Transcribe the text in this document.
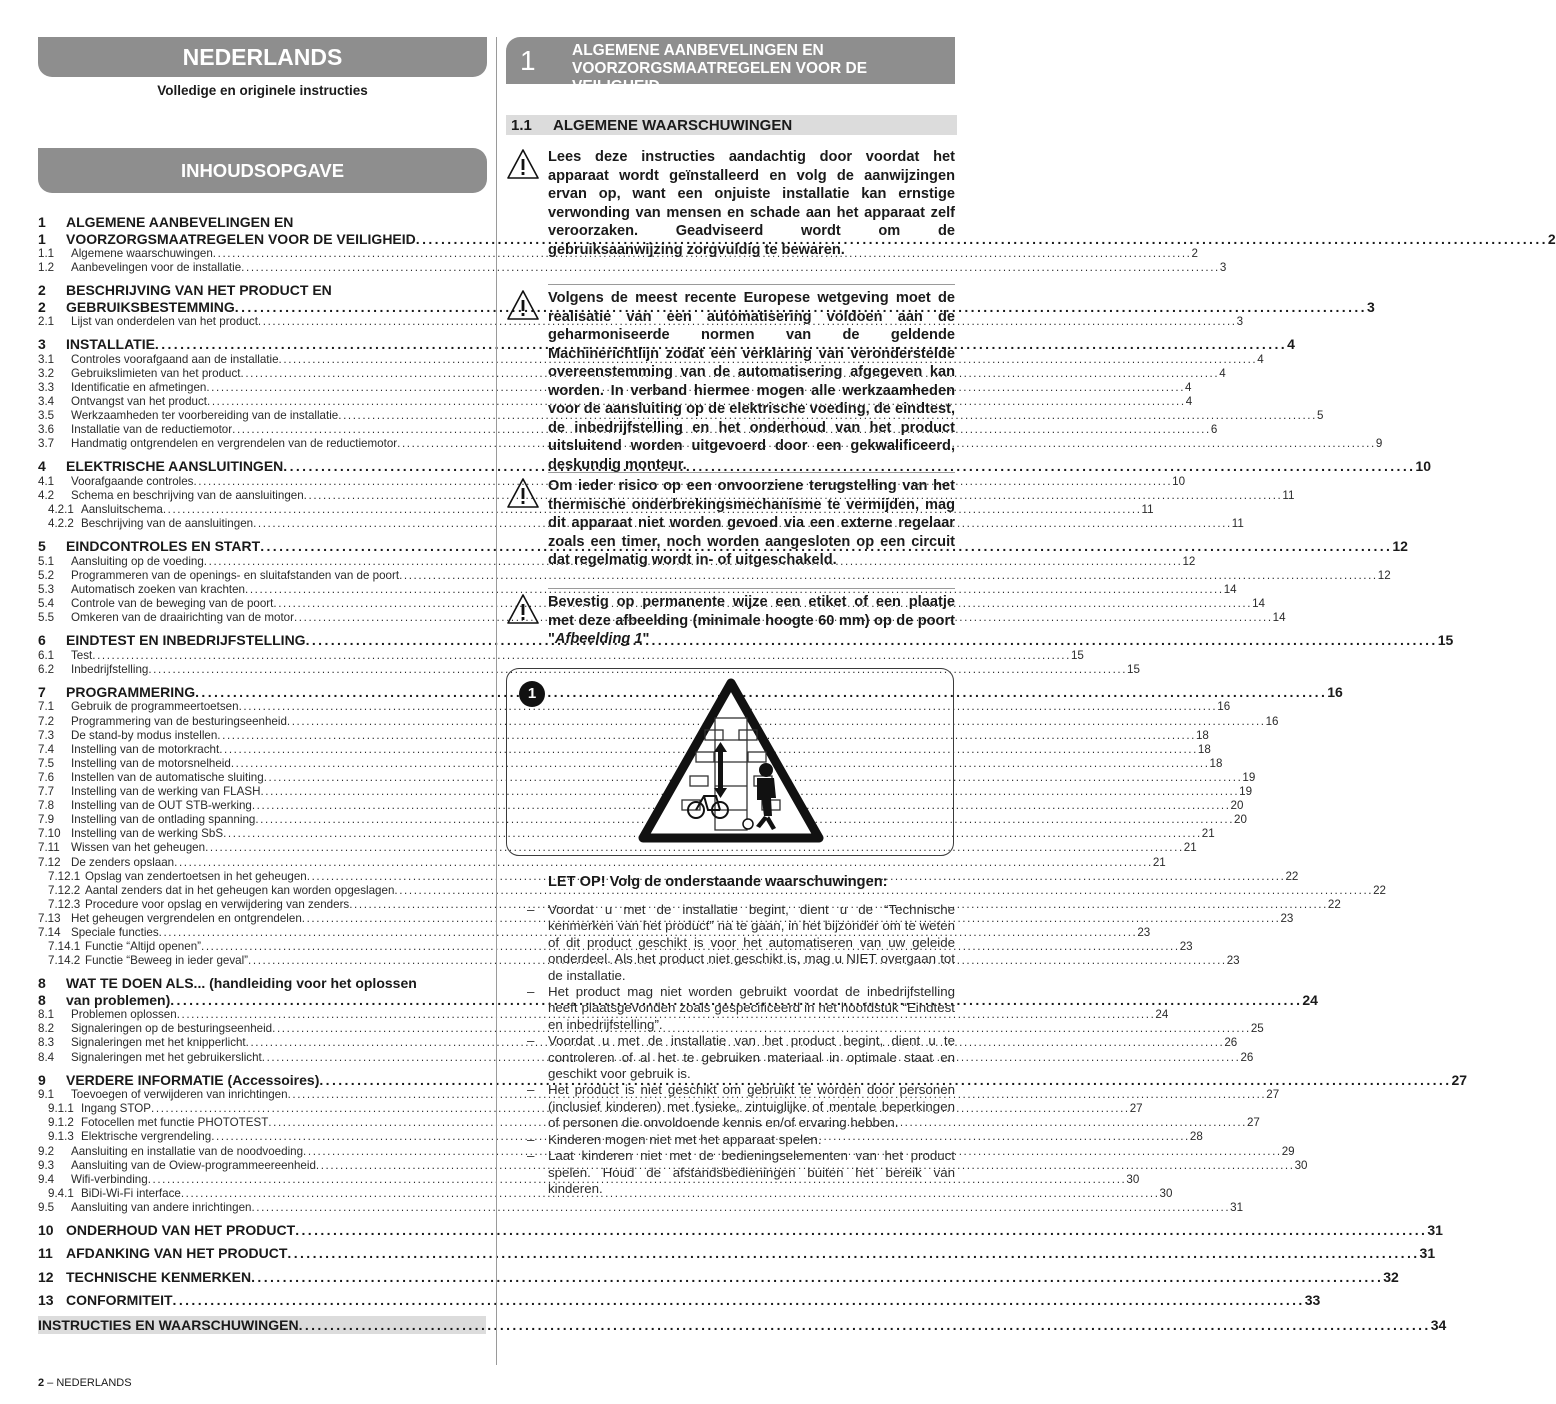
NEDERLANDS
Volledige en originele instructies
INHOUDSOPGAVE
1	ALGEMENE AANBEVELINGEN EN
1	VOORZORGSMAATREGELEN VOOR DE VEILIGHEID .....	2
1.1	Algemene waarschuwingen .....	2
1.2	Aanbevelingen voor de installatie .....	3
2	BESCHRIJVING VAN HET PRODUCT EN
2	GEBRUIKSBESTEMMING .....	3
2.1	Lijst van onderdelen van het product .....	3
3	INSTALLATIE .....	4
3.1	Controles voorafgaand aan de installatie .....	4
3.2	Gebruikslimieten van het product .....	4
3.3	Identificatie en afmetingen .....	4
3.4	Ontvangst van het product .....	4
3.5	Werkzaamheden ter voorbereiding van de installatie .....	5
3.6	Installatie van de reductiemotor .....	6
3.7	Handmatig ontgrendelen en vergrendelen van de reductiemotor .....	9
4	ELEKTRISCHE AANSLUITINGEN .....	10
4.1	Voorafgaande controles .....	10
4.2	Schema en beschrijving van de aansluitingen .....	11
4.2.1 Aansluitschema .....	11
4.2.2 Beschrijving van de aansluitingen .....	11
5	EINDCONTROLES EN START .....	12
5.1	Aansluiting op de voeding .....	12
5.2	Programmeren van de openings- en sluitafstanden van de poort .....	12
5.3	Automatisch zoeken van krachten .....	14
5.4	Controle van de beweging van de poort .....	14
5.5	Omkeren van de draairichting van de motor .....	14
6	EINDTEST EN INBEDRIJFSTELLING .....	15
6.1	Test .....	15
6.2	Inbedrijfstelling .....	15
7	PROGRAMMERING .....	16
7.1	Gebruik de programmeertoetsen .....	16
7.2	Programmering van de besturingseenheid .....	16
7.3	De stand-by modus instellen .....	18
7.4	Instelling van de motorkracht .....	18
7.5	Instelling van de motorsnelheid .....	18
7.6	Instellen van de automatische sluiting .....	19
7.7	Instelling van de werking van FLASH .....	19
7.8	Instelling van de OUT STB-werking .....	20
7.9	Instelling van de ontlading spanning .....	20
7.10 Instelling van de werking SbS .....	21
7.11 Wissen van het geheugen .....	21
7.12 De zenders opslaan .....	21
7.12.1 Opslag van zendertoetsen in het geheugen .....	22
7.12.2 Aantal zenders dat in het geheugen kan worden opgeslagen .....	22
7.12.3 Procedure voor opslag en verwijdering van zenders .....	22
7.13 Het geheugen vergrendelen en ontgrendelen .....	23
7.14 Speciale functies .....	23
7.14.1 Functie “Altijd openen” .....	23
7.14.2 Functie “Beweeg in ieder geval” .....	23
8	WAT TE DOEN ALS... (handleiding voor het oplossen
8	van problemen) .....	24
8.1	Problemen oplossen .....	24
8.2	Signaleringen op de besturingseenheid .....	25
8.3	Signaleringen met het knipperlicht .....	26
8.4	Signaleringen met het gebruikerslicht .....	26
9	VERDERE INFORMATIE (Accessoires) .....	27
9.1	Toevoegen of verwijderen van inrichtingen .....	27
9.1.1 Ingang STOP .....	27
9.1.2 Fotocellen met functie PHOTOTEST .....	27
9.1.3 Elektrische vergrendeling .....	28
9.2	Aansluiting en installatie van de noodvoeding .....	29
9.3	Aansluiting van de Oview-programmeereenheid .....	30
9.4	Wifi-verbinding .....	30
9.4.1 BiDi-Wi-Fi interface .....	30
9.5	Aansluiting van andere inrichtingen .....	31
10 ONDERHOUD VAN HET PRODUCT .....	31
11 AFDANKING VAN HET PRODUCT .....	31
12 TECHNISCHE KENMERKEN .....	32
13 CONFORMITEIT .....	33
INSTRUCTIES EN WAARSCHUWINGEN .....	34
1 ALGEMENE AANBEVELINGEN EN
VOORZORGSMAATREGELEN VOOR DE VEILIGHEID
1.1 ALGEMENE WAARSCHUWINGEN
Lees deze instructies aandachtig door voordat het apparaat wordt geïnstalleerd en volg de aanwijzingen ervan op, want een onjuiste installatie kan ernstige verwonding van mensen en schade aan het apparaat zelf veroorzaken. Geadviseerd wordt om de gebruiksaanwijzing zorgvuldig te bewaren.
Volgens de meest recente Europese wetgeving moet de realisatie van een automatisering voldoen aan de geharmoniseerde normen van de geldende Machinerichtlijn zodat een verklaring van veronderstelde overeenstemming van de automatisering afgegeven kan worden. In verband hiermee mogen alle werkzaamheden voor de aansluiting op de elektrische voeding, de eindtest, de inbedrijfstelling en het onderhoud van het product uitsluitend worden uitgevoerd door een gekwalificeerd, deskundig monteur.
Om ieder risico op een onvoorziene terugstelling van het thermische onderbrekingsmechanisme te vermijden, mag dit apparaat niet worden gevoed via een externe regelaar zoals een timer, noch worden aangesloten op een circuit dat regelmatig wordt in- of uitgeschakeld.
Bevestig op permanente wijze een etiket of een plaatje met deze afbeelding (minimale hoogte 60 mm) op de poort "Afbeelding 1"
1
LET OP! Volg de onderstaande waarschuwingen:
– Voordat u met de installatie begint, dient u de “Technische kenmerken van het product” na te gaan, in het bijzonder om te weten of dit product geschikt is voor het automatiseren van uw geleide onderdeel. Als het product niet geschikt is, mag u NIET overgaan tot de installatie.
– Het product mag niet worden gebruikt voordat de inbedrijfstelling heeft plaatsgevonden zoals gespecificeerd in het hoofdstuk “Eindtest en inbedrijfstelling”.
– Voordat u met de installatie van het product begint, dient u te controleren of al het te gebruiken materiaal in optimale staat en geschikt voor gebruik is.
– Het product is niet geschikt om gebruikt te worden door personen (inclusief kinderen) met fysieke, zintuiglijke of mentale beperkingen of personen die onvoldoende kennis en/of ervaring hebben.
– Kinderen mogen niet met het apparaat spelen.
– Laat kinderen niet met de bedieningselementen van het product spelen. Houd de afstandsbedieningen buiten het bereik van kinderen.
2 – NEDERLANDS
